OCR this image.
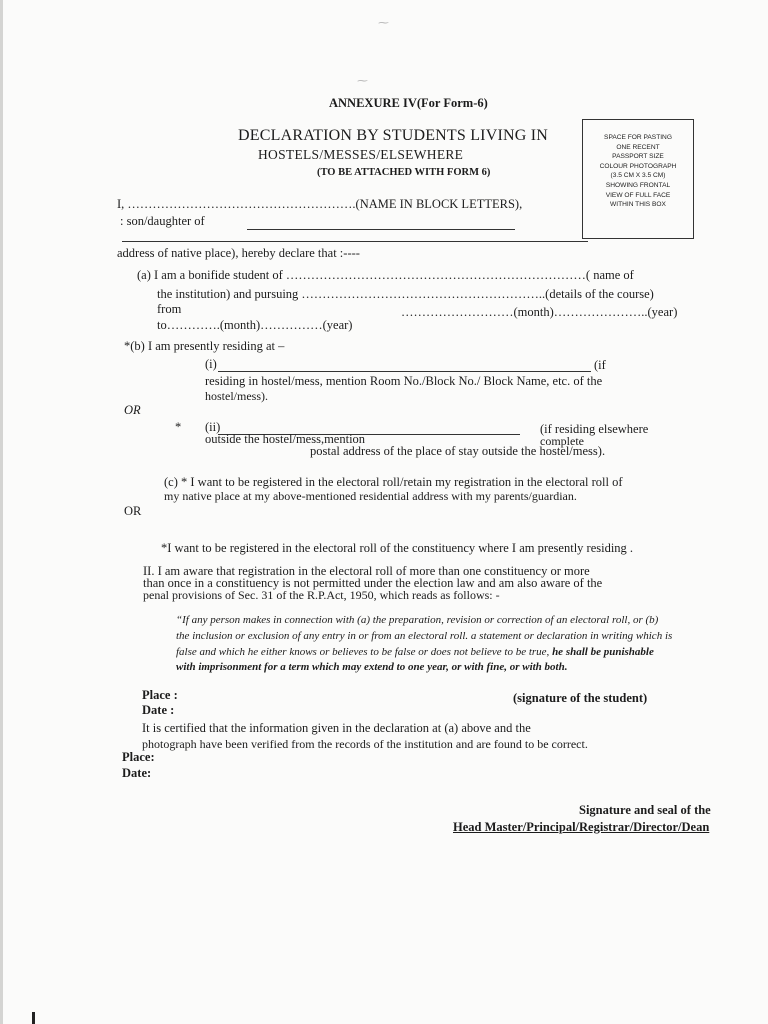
⁓
⁓
ANNEXURE IV(For Form-6)
DECLARATION BY STUDENTS LIVING IN
HOSTELS/MESSES/ELSEWHERE
(TO BE ATTACHED WITH FORM 6)
SPACE FOR PASTING
ONE RECENT
PASSPORT SIZE
COLOUR PHOTOGRAPH
(3.5 CM X 3.5 CM)
SHOWING FRONTAL
VIEW OF FULL FACE
WITHIN THIS BOX
I, ……………………………………………….(NAME IN BLOCK LETTERS),
: son/daughter of
address of native place), hereby declare that :----
(a) I am a bonifide student of ………………………………………………………………( name of
the institution) and pursuing …………………………………………………..(details of the course)
from	………………………(month)…………………..(year)
to………….(month)……………(year)
*(b) I am presently residing at –
(i)	(if
residing in hostel/mess, mention Room No./Block No./ Block Name, etc. of the
hostel/mess).
OR
* (ii)	(if residing elsewhere
complete
outside the hostel/mess,mention
postal address of the place of stay outside the hostel/mess).
(c) * I want to be registered in the electoral roll/retain my registration in the electoral roll of
my native place at my above-mentioned residential address with my parents/guardian.
OR
*I want to be registered in the electoral roll of the constituency where I am presently residing .
II. I am aware that registration in the electoral roll of more than one constituency or more
than once in a constituency is not permitted under the election law and am also aware of the
penal provisions of Sec. 31 of the R.P.Act, 1950, which reads as follows: -
“If any person makes in connection with (a) the preparation, revision or correction of an electoral roll, or (b)
the inclusion or exclusion of any entry in or from an electoral roll. a statement or declaration in writing which is
false and which he either knows or believes to be false or does not believe to be true, he shall be punishable
with imprisonment for a term which may extend to one year, or with fine, or with both.
Place :	(signature of the student)
Date :
It is certified that the information given in the declaration at (a) above and the
photograph have been verified from the records of the institution and are found to be correct.
Place:
Date:
Signature and seal of the
Head Master/Principal/Registrar/Director/Dean
